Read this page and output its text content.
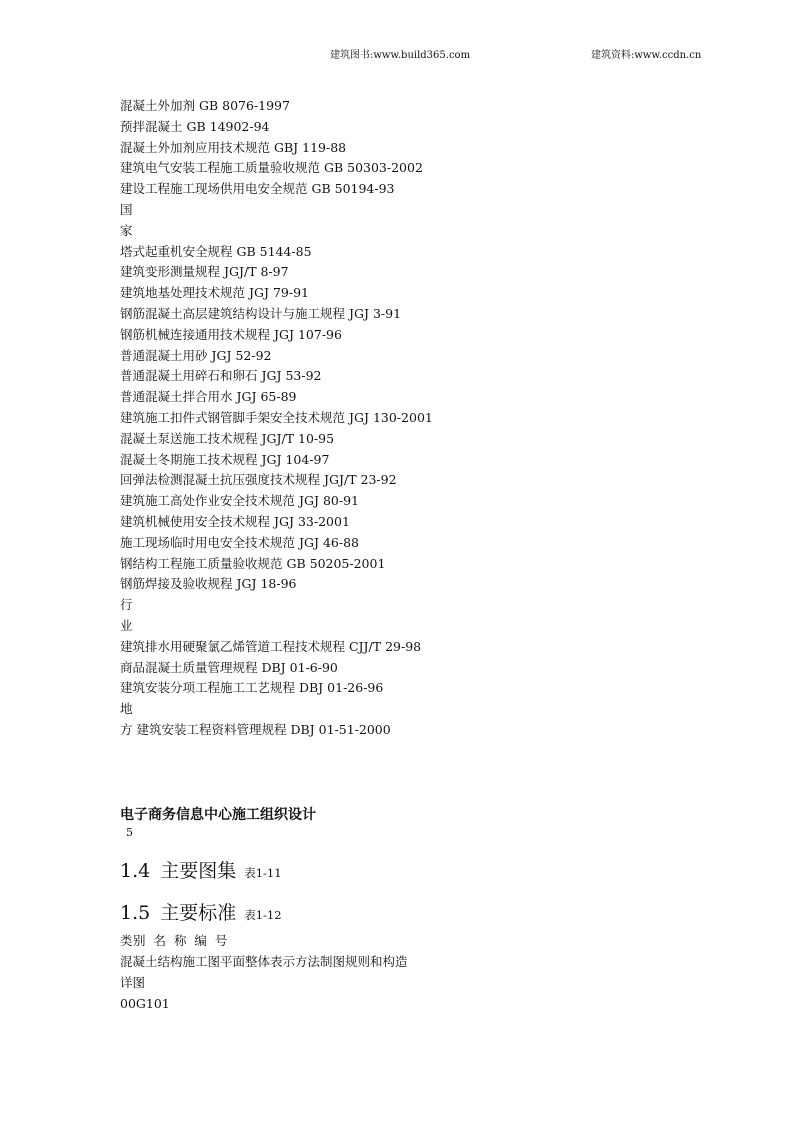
建筑图书:www.build365.com	建筑资料:www.ccdn.cn
混凝土外加剂 GB 8076-1997
预拌混凝土 GB 14902-94
混凝土外加剂应用技术规范 GBJ 119-88
建筑电气安装工程施工质量验收规范 GB 50303-2002
建设工程施工现场供用电安全规范 GB 50194-93
国
家
塔式起重机安全规程 GB 5144-85
建筑变形测量规程 JGJ/T 8-97
建筑地基处理技术规范 JGJ 79-91
钢筋混凝土高层建筑结构设计与施工规程 JGJ 3-91
钢筋机械连接通用技术规程 JGJ 107-96
普通混凝土用砂 JGJ 52-92
普通混凝土用碎石和卵石 JGJ 53-92
普通混凝土拌合用水 JGJ 65-89
建筑施工扣件式钢管脚手架安全技术规范 JGJ 130-2001
混凝土泵送施工技术规程 JGJ/T 10-95
混凝土冬期施工技术规程 JGJ 104-97
回弹法检测混凝土抗压强度技术规程 JGJ/T 23-92
建筑施工高处作业安全技术规范 JGJ 80-91
建筑机械使用安全技术规程 JGJ 33-2001
施工现场临时用电安全技术规范 JGJ 46-88
钢结构工程施工质量验收规范 GB 50205-2001
钢筋焊接及验收规程 JGJ 18-96
行
业
建筑排水用硬聚氯乙烯管道工程技术规程 CJJ/T 29-98
商品混凝土质量管理规程 DBJ 01-6-90
建筑安装分项工程施工工艺规程 DBJ 01-26-96
地
方 建筑安装工程资料管理规程 DBJ 01-51-2000
电子商务信息中心施工组织设计
5
1.4 主要图集 表1-11
1.5 主要标准 表1-12
类别 名 称 编 号
混凝土结构施工图平面整体表示方法制图规则和构造
详图
00G101
